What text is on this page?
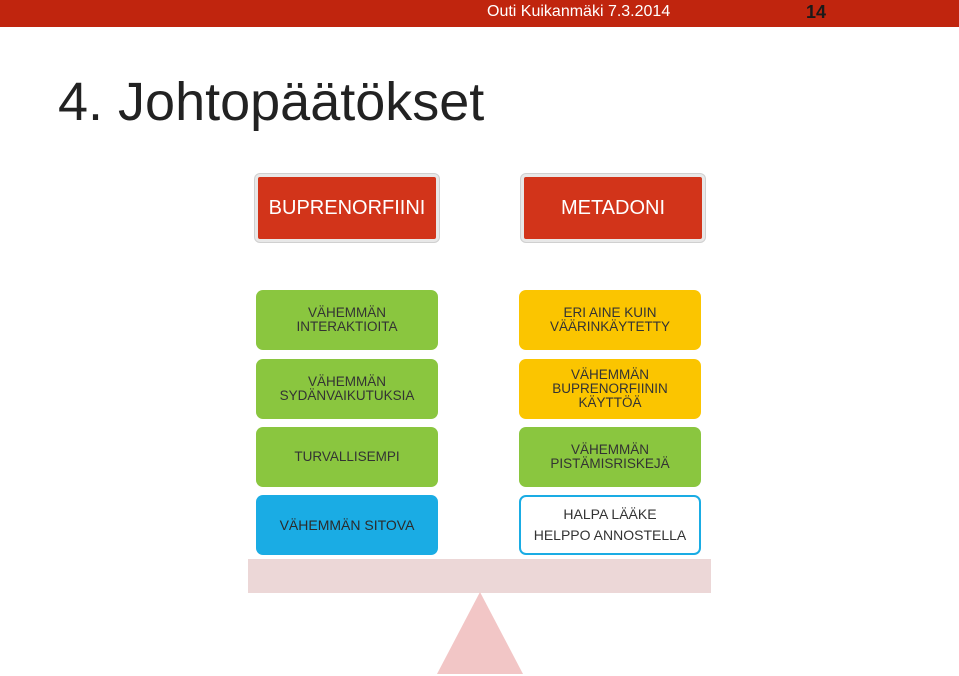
Outi Kuikanmäki 7.3.2014	14
4. Johtopäätökset
BUPRENORFIINI	METADONI
VÄHEMMÄN
INTERAKTIOITA
VÄHEMMÄN
SYDÄNVAIKUTUKSIA
TURVALLISEMPI
VÄHEMMÄN SITOVA
ERI AINE KUIN
VÄÄRINKÄYTETTY
VÄHEMMÄN
BUPRENORFIININ
KÄYTTÖÄ
VÄHEMMÄN
PISTÄMISRISKEJÄ
HALPA LÄÄKE
HELPPO ANNOSTELLA
